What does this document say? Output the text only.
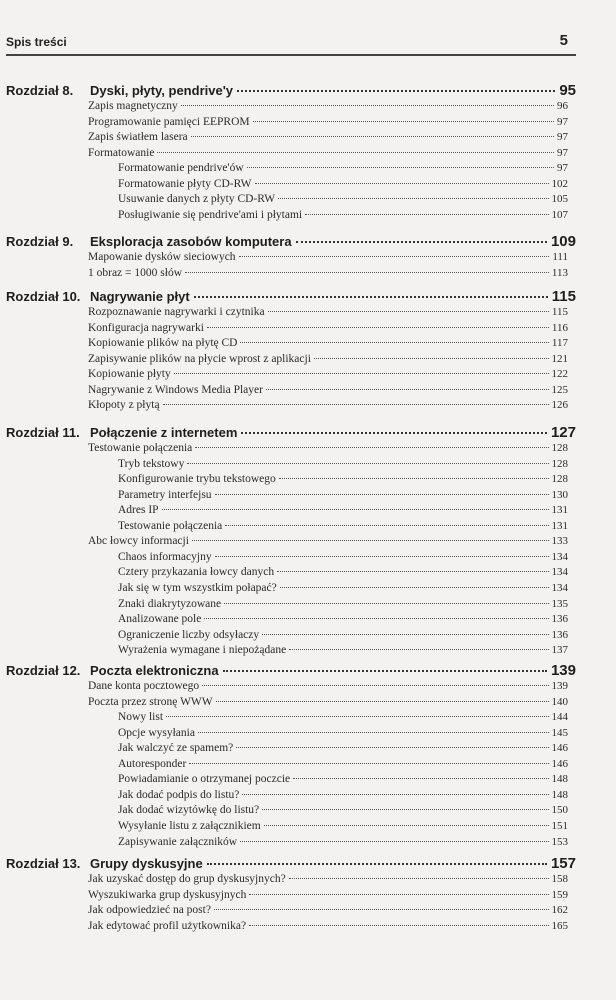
Spis treści	5
Rozdział 8.	Dyski, płyty, pendrive'y	95
Zapis magnetyczny	96
Programowanie pamięci EEPROM	97
Zapis światłem lasera	97
Formatowanie	97
Formatowanie pendrive'ów	97
Formatowanie płyty CD-RW	102
Usuwanie danych z płyty CD-RW	105
Posługiwanie się pendrive'ami i płytami	107
Rozdział 9.	Eksploracja zasobów komputera	109
Mapowanie dysków sieciowych	111
1 obraz = 1000 słów	113
Rozdział 10. Nagrywanie płyt	115
Rozpoznawanie nagrywarki i czytnika	115
Konfiguracja nagrywarki	116
Kopiowanie plików na płytę CD	117
Zapisywanie plików na płycie wprost z aplikacji	121
Kopiowanie płyty	122
Nagrywanie z Windows Media Player	125
Kłopoty z płytą	126
Rozdział 11. Połączenie z internetem	127
Testowanie połączenia	128
Tryb tekstowy	128
Konfigurowanie trybu tekstowego	128
Parametry interfejsu	130
Adres IP	131
Testowanie połączenia	131
Abc łowcy informacji	133
Chaos informacyjny	134
Cztery przykazania łowcy danych	134
Jak się w tym wszystkim połapać?	134
Znaki diakrytyzowane	135
Analizowane pole	136
Ograniczenie liczby odsyłaczy	136
Wyrażenia wymagane i niepożądane	137
Rozdział 12. Poczta elektroniczna	139
Dane konta pocztowego	139
Poczta przez stronę WWW	140
Nowy list	144
Opcje wysyłania	145
Jak walczyć ze spamem?	146
Autoresponder	146
Powiadamianie o otrzymanej poczcie	148
Jak dodać podpis do listu?	148
Jak dodać wizytówkę do listu?	150
Wysyłanie listu z załącznikiem	151
Zapisywanie załączników	153
Rozdział 13. Grupy dyskusyjne	157
Jak uzyskać dostęp do grup dyskusyjnych?	158
Wyszukiwarka grup dyskusyjnych	159
Jak odpowiedzieć na post?	162
Jak edytować profil użytkownika?	165
